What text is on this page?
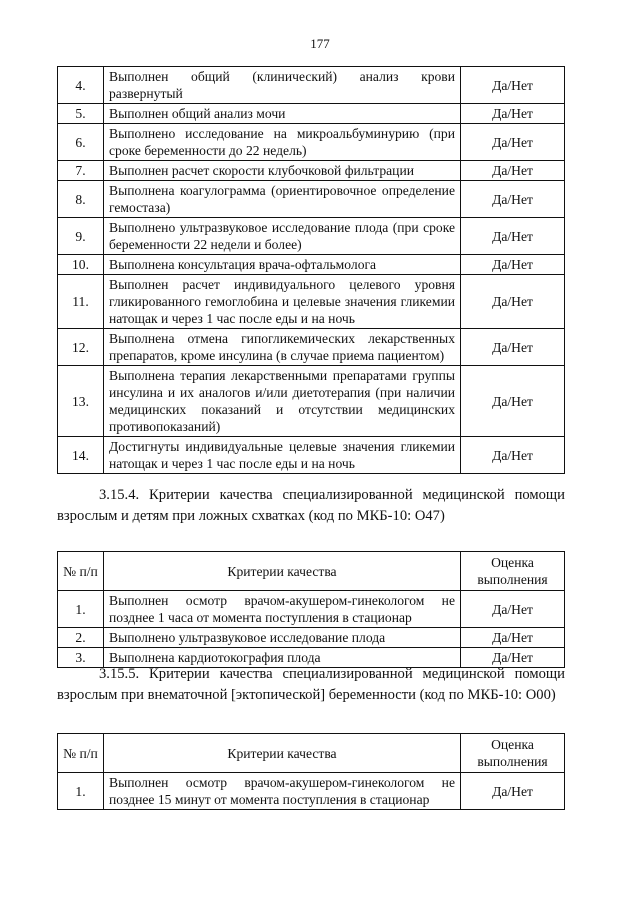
177
4.	Выполнен общий (клинический) анализ крови развернутый	Да/Нет
5.	Выполнен общий анализ мочи	Да/Нет
6.	Выполнено исследование на микроальбуминурию (при сроке беременности до 22 недель)	Да/Нет
7.	Выполнен расчет скорости клубочковой фильтрации	Да/Нет
8.	Выполнена коагулограмма (ориентировочное определение гемостаза)	Да/Нет
9.	Выполнено ультразвуковое исследование плода (при сроке беременности 22 недели и более)	Да/Нет
10.	Выполнена консультация врача-офтальмолога	Да/Нет
11.	Выполнен расчет индивидуального целевого уровня гликированного гемоглобина и целевые значения гликемии натощак и через 1 час после еды и на ночь	Да/Нет
12.	Выполнена отмена гипогликемических лекарственных препаратов, кроме инсулина (в случае приема пациентом)	Да/Нет
13.	Выполнена терапия лекарственными препаратами группы инсулина и их аналогов и/или диетотерапия (при наличии медицинских показаний и отсутствии медицинских противопоказаний)	Да/Нет
14.	Достигнуты индивидуальные целевые значения гликемии натощак и через 1 час после еды и на ночь	Да/Нет
3.15.4. Критерии качества специализированной медицинской помощи взрослым и детям при ложных схватках (код по МКБ-10: O47)
№ п/п	Критерии качества	Оценка выполнения
1.	Выполнен осмотр врачом-акушером-гинекологом не позднее 1 часа от момента поступления в стационар	Да/Нет
2.	Выполнено ультразвуковое исследование плода	Да/Нет
3.	Выполнена кардиотокография плода	Да/Нет
3.15.5. Критерии качества специализированной медицинской помощи взрослым при внематочной [эктопической] беременности (код по МКБ-10: O00)
№ п/п	Критерии качества	Оценка выполнения
1.	Выполнен осмотр врачом-акушером-гинекологом не позднее 15 минут от момента поступления в стационар	Да/Нет
